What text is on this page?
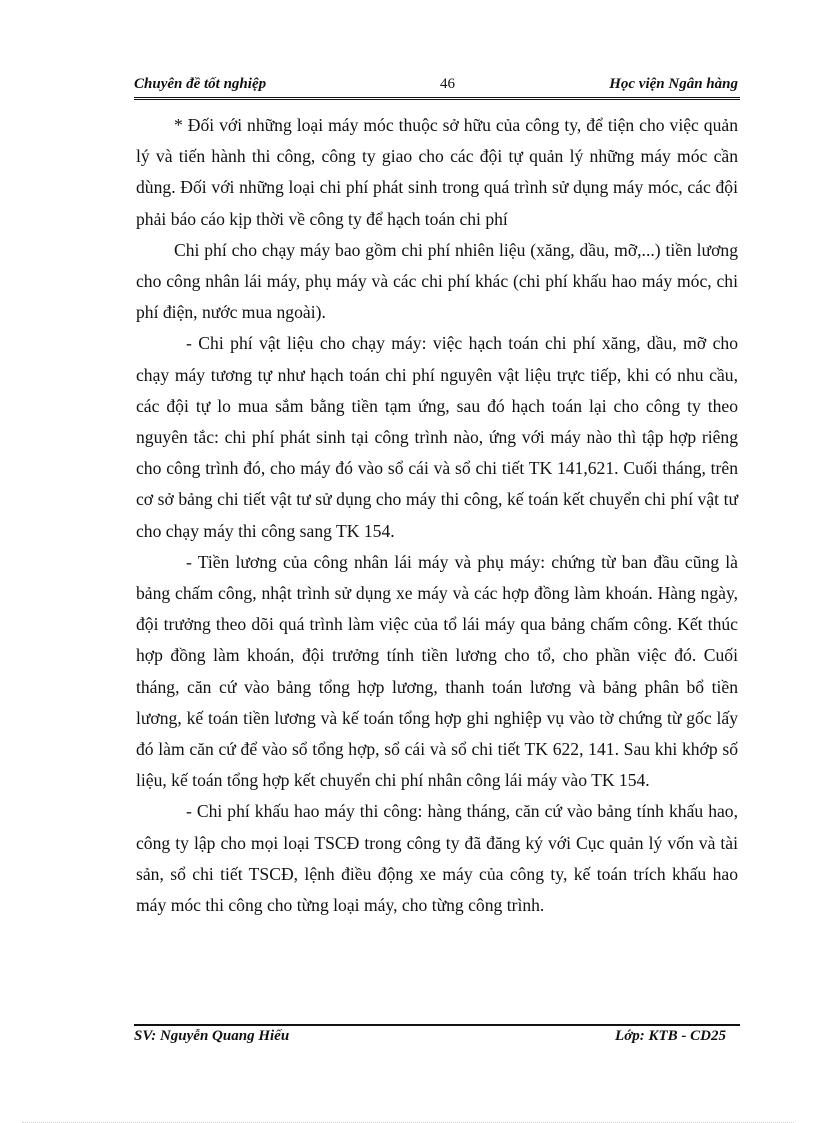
Chuyên đề tốt nghiệp	46	Học viện Ngân hàng

* Đối với những loại máy móc thuộc sở hữu của công ty, để tiện cho việc quản lý và tiến hành thi công, công ty giao cho các đội tự quản lý những máy móc cần dùng. Đối với những loại chi phí phát sinh trong quá trình sử dụng máy móc, các đội phải báo cáo kịp thời về công ty để hạch toán chi phí

Chi phí cho chạy máy bao gồm chi phí nhiên liệu (xăng, dầu, mỡ,...) tiền lương cho công nhân lái máy, phụ máy và các chi phí khác (chi phí khấu hao máy móc, chi phí điện, nước mua ngoài).

- Chi phí vật liệu cho chạy máy: việc hạch toán chi phí xăng, dầu, mỡ cho chạy máy tương tự như hạch toán chi phí nguyên vật liệu trực tiếp, khi có nhu cầu, các đội tự lo mua sắm bằng tiền tạm ứng, sau đó hạch toán lại cho công ty theo nguyên tắc: chi phí phát sinh tại công trình nào, ứng với máy nào thì tập hợp riêng cho công trình đó, cho máy đó vào sổ cái và sổ chi tiết TK 141,621. Cuối tháng, trên cơ sở bảng chi tiết vật tư sử dụng cho máy thi công, kế toán kết chuyển chi phí vật tư cho chạy máy thi công sang TK 154.

- Tiền lương của công nhân lái máy và phụ máy: chứng từ ban đầu cũng là bảng chấm công, nhật trình sử dụng xe máy và các hợp đồng làm khoán. Hàng ngày, đội trưởng theo dõi quá trình làm việc của tổ lái máy qua bảng chấm công. Kết thúc hợp đồng làm khoán, đội trưởng tính tiền lương cho tổ, cho phần việc đó. Cuối tháng, căn cứ vào bảng tổng hợp lương, thanh toán lương và bảng phân bổ tiền lương, kế toán tiền lương và kế toán tổng hợp ghi nghiệp vụ vào tờ chứng từ gốc lấy đó làm căn cứ để vào sổ tổng hợp, sổ cái và sổ chi tiết TK 622, 141. Sau khi khớp số liệu, kế toán tổng hợp kết chuyển chi phí nhân công lái máy vào TK 154.

- Chi phí khấu hao máy thi công: hàng tháng, căn cứ vào bảng tính khấu hao, công ty lập cho mọi loại TSCĐ trong công ty đã đăng ký với Cục quản lý vốn và tài sản, sổ chi tiết TSCĐ, lệnh điều động xe máy của công ty, kế toán trích khấu hao máy móc thi công cho từng loại máy, cho từng công trình.

SV: Nguyễn Quang Hiếu	Lớp: KTB - CD25
